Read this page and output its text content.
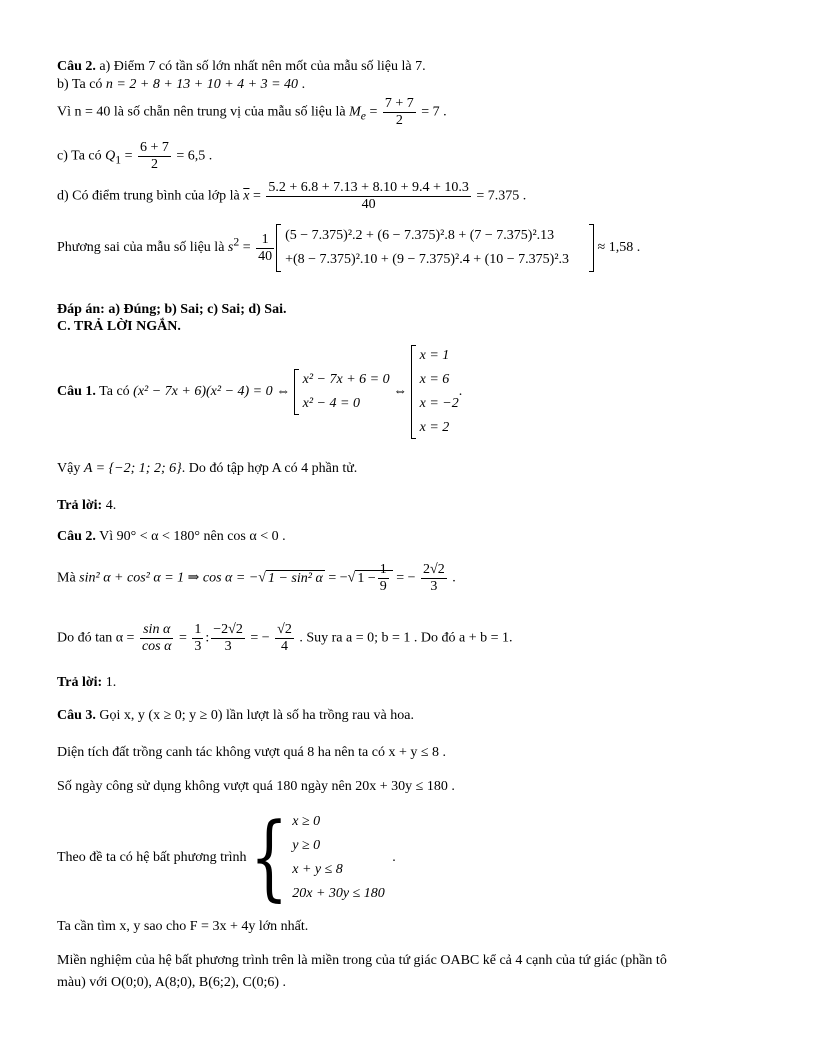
Câu 2. a) Điểm 7 có tần số lớn nhất nên mốt của mẫu số liệu là 7.
b) Ta có n = 2 + 8 + 13 + 10 + 4 + 3 = 40 .
Vì n = 40 là số chẵn nên trung vị của mẫu số liệu là $M_e = \frac{7 + 7}{2} = 7$ .
c) Ta có $Q_1 = \frac{6 + 7}{2} = 6,5$ .
d) Có điểm trung bình của lớp là $\overline{x} = \frac{5.2 + 6.8 + 7.13 + 8.10 + 9.4 + 10.3}{40} = 7.375$ .
Phương sai của mẫu số liệu là $s^2 = \frac{1}{40} (5 - 7.375)^2.2 + (6 - 7.375)^2.8 + (7 - 7.375)^2.13$
+(8 − 7.375)².10 + (9 − 7.375)².4 + (10 − 7.375)².3
≈ 1,58 .
Đáp án: a) Đúng; b) Sai; c) Sai; d) Sai.
C. TRẢ LỜI NGẮN.
Câu 1. Ta có (x² − 7x + 6)(x² − 4) = 0 ⇔
x² − 7x + 6 = 0
x² − 4 = 0
⇔
x = 1
x = 6
x = −2
x = 2
.
Vậy A = {−2; 1; 2; 6}. Do đó tập hợp A có 4 phần tử.
Trả lời: 4.
Câu 2. Vì 90° < α < 180° nên cos α < 0 .
Mà sin² α + cos² α = 1 ⇒ cos α = −√ 1 − sin² α = −√ $1 - \frac{1}{9}$ = − $\frac{2√2}{3}$ .
Do đó $\tan \alpha = \frac{\text{sin α}}{\text{cos α}} = \frac{1}{3}$ : $\frac{-2√2}{3}$ = − $\frac{√2}{4}$ . Suy ra a = 0; b = 1 . Do đó a + b = 1.
Trả lời: 1.
Câu 3. Gọi x, y (x ≥ 0; y ≥ 0) lần lượt là số ha trồng rau và hoa.
Diện tích đất trồng canh tác không vượt quá 8 ha nên ta có x + y ≤ 8 .
Số ngày công sử dụng không vượt quá 180 ngày nên 20x + 30y ≤ 180 .
Theo đề ta có hệ bất phương trình { x ≥ 0
y ≥ 0
x + y ≤ 8
20x + 30y ≤ 180
.
Ta cần tìm x, y sao cho F = 3x + 4y lớn nhất.
Miền nghiệm của hệ bất phương trình trên là miền trong của tứ giác OABC kể cả 4 cạnh của tứ giác (phần tô
màu) với O(0;0), A(8;0), B(6;2), C(0;6) .
